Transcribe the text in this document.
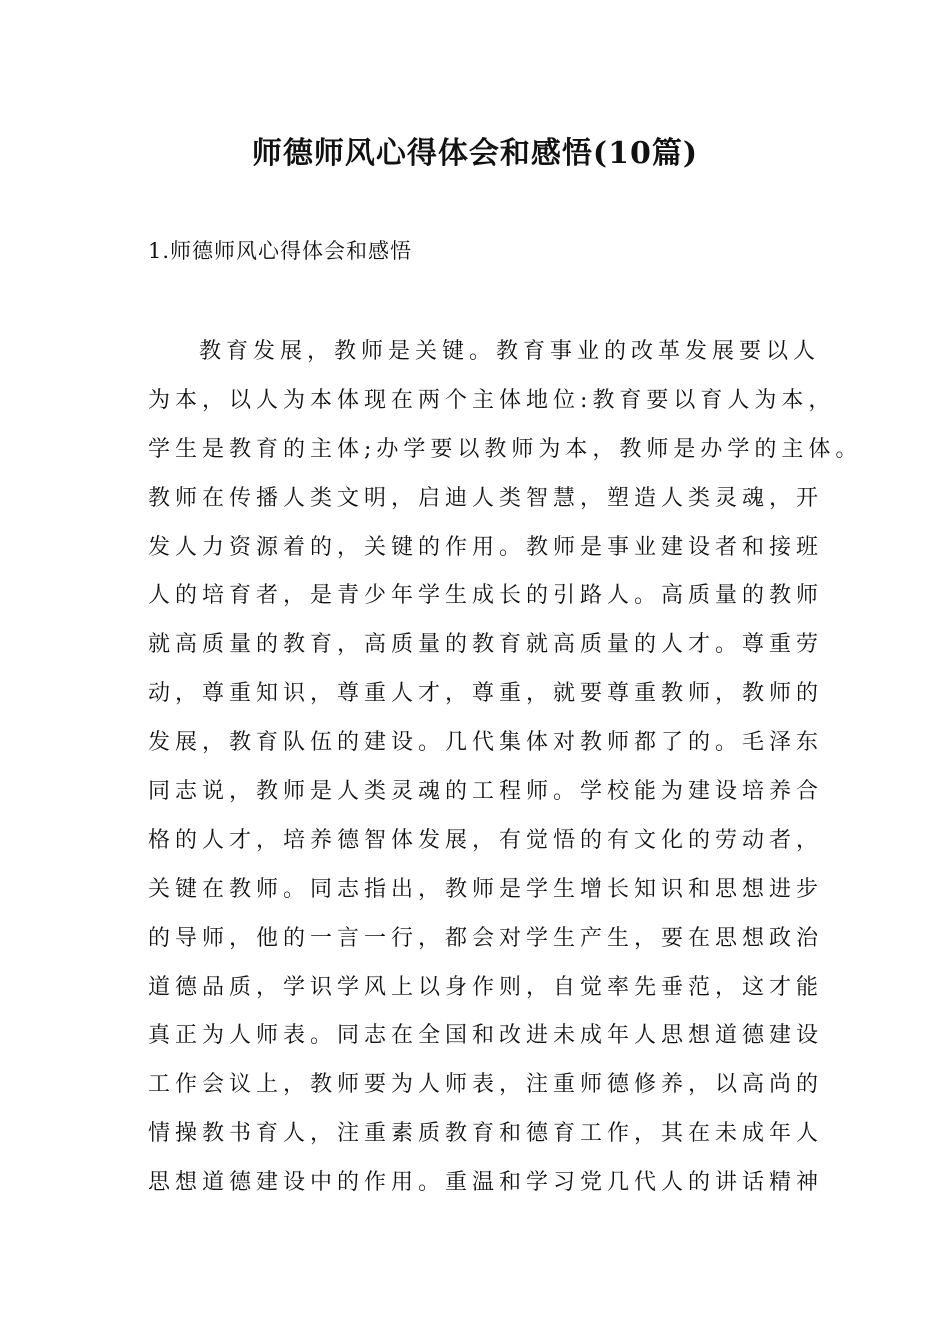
师德师风心得体会和感悟(10篇)
1.师德师风心得体会和感悟
教育发展，教师是关键。教育事业的改革发展要以人
为本，以人为本体现在两个主体地位:教育要以育人为本，
学生是教育的主体;办学要以教师为本，教师是办学的主体。
教师在传播人类文明，启迪人类智慧，塑造人类灵魂，开
发人力资源着的，关键的作用。教师是事业建设者和接班
人的培育者，是青少年学生成长的引路人。高质量的教师
就高质量的教育，高质量的教育就高质量的人才。尊重劳
动，尊重知识，尊重人才，尊重，就要尊重教师，教师的
发展，教育队伍的建设。几代集体对教师都了的。毛泽东
同志说，教师是人类灵魂的工程师。学校能为建设培养合
格的人才，培养德智体发展，有觉悟的有文化的劳动者，
关键在教师。同志指出，教师是学生增长知识和思想进步
的导师，他的一言一行，都会对学生产生，要在思想政治
道德品质，学识学风上以身作则，自觉率先垂范，这才能
真正为人师表。同志在全国和改进未成年人思想道德建设
工作会议上，教师要为人师表，注重师德修养，以高尚的
情操教书育人，注重素质教育和德育工作，其在未成年人
思想道德建设中的作用。重温和学习党几代人的讲话精神
